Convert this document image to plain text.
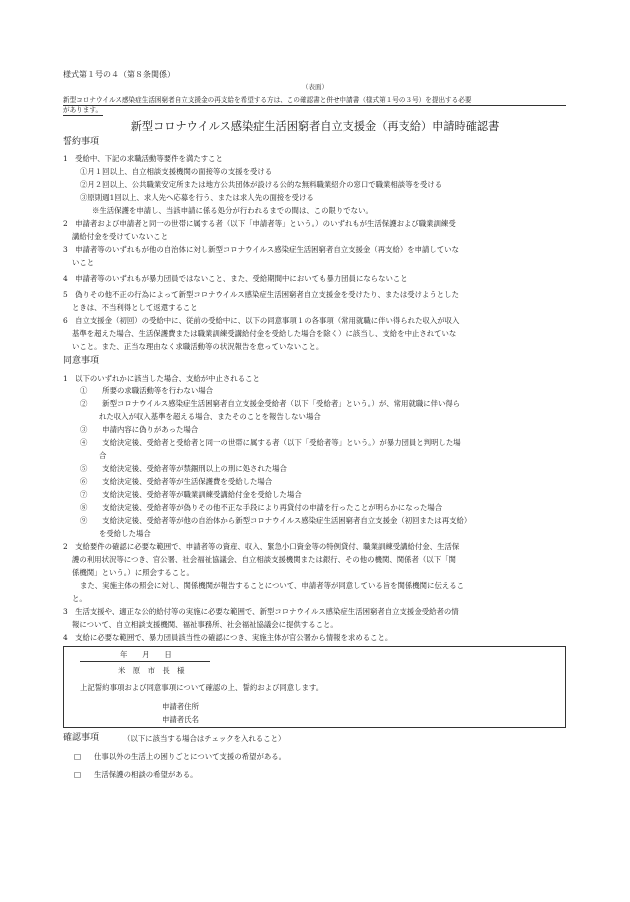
様式第１号の４（第８条関係）
（表面）
新型コロナウイルス感染症生活困窮者自立支援金の再支給を希望する方は、この確認書と併せ申請書（様式第１号の３号）を提出する必要
があります。
新型コロナウイルス感染症生活困窮者自立支援金（再支給）申請時確認書
誓約事項
1　受給中、下記の求職活動等要件を満たすこと
①月１回以上、自立相談支援機関の面接等の支援を受ける
②月２回以上、公共職業安定所または地方公共団体が設ける公的な無料職業紹介の窓口で職業相談等を受ける
③原則週1回以上、求人先へ応募を行う、または求人先の面接を受ける
※生活保護を申請し、当該申請に係る処分が行われるまでの間は、この限りでない。
2　申請者および申請者と同一の世帯に属する者（以下「申請者等」という。）のいずれもが生活保護および職業訓練受
講給付金を受けていないこと
3　申請者等のいずれもが他の自治体に対し新型コロナウイルス感染症生活困窮者自立支援金（再支給）を申請していな
いこと
4　申請者等のいずれもが暴力団員ではないこと、また、受給期間中においても暴力団員にならないこと
5　偽りその他不正の行為によって新型コロナウイルス感染症生活困窮者自立支援金を受けたり、または受けようとした
ときは、不当利得として返還すること
6　自立支援金（初回）の受給中に、従前の受給中に、以下の同意事項１の各事項（常用就職に伴い得られた収入が収入
基準を超えた場合、生活保護費または職業訓練受講給付金を受給した場合を除く）に該当し、支給を中止されていな
いこと。また、正当な理由なく求職活動等の状況報告を怠っていないこと。
同意事項
1　以下のいずれかに該当した場合、支給が中止されること
①　　所要の求職活動等を行わない場合
②　　新型コロナウイルス感染症生活困窮者自立支援金受給者（以下「受給者」という。）が、常用就職に伴い得ら
れた収入が収入基準を超える場合、またそのことを報告しない場合
③　　申請内容に偽りがあった場合
④　　支給決定後、受給者と受給者と同一の世帯に属する者（以下「受給者等」という。）が暴力団員と判明した場
合
⑤　　支給決定後、受給者等が禁錮刑以上の刑に処された場合
⑥　　支給決定後、受給者等が生活保護費を受給した場合
⑦　　支給決定後、受給者等が職業訓練受講給付金を受給した場合
⑧　　支給決定後、受給者等が偽りその他不正な手段により再貸付の申請を行ったことが明らかになった場合
⑨　　支給決定後、受給者等が他の自治体から新型コロナウイルス感染症生活困窮者自立支援金（初回または再支給）
を受給した場合
2　支給要件の確認に必要な範囲で、申請者等の資産、収入、緊急小口資金等の特例貸付、職業訓練受講給付金、生活保
護の利用状況等につき、官公署、社会福祉協議会、自立相談支援機関または銀行、その他の機関、関係者（以下「関
係機関」という。）に照会すること。
また、実施主体の照会に対し、関係機関が報告することについて、申請者等が同意している旨を関係機関に伝えるこ
と。
3　生活支援や、適正な公的給付等の実施に必要な範囲で、新型コロナウイルス感染症生活困窮者自立支援金受給者の情
報について、自立相談支援機関、福祉事務所、社会福祉協議会に提供すること。
4　支給に必要な範囲で、暴力団員該当性の確認につき、実施主体が官公署から情報を求めること。
年　　月　　日
米　原　市　長　様
上記誓約事項および同意事項について確認の上、誓約および同意します。
申請者住所
申請者氏名
確認事項	（以下に該当する場合はチェックを入れること）
□ 仕事以外の生活上の困りごとについて支援の希望がある。
□ 生活保護の相談の希望がある。
